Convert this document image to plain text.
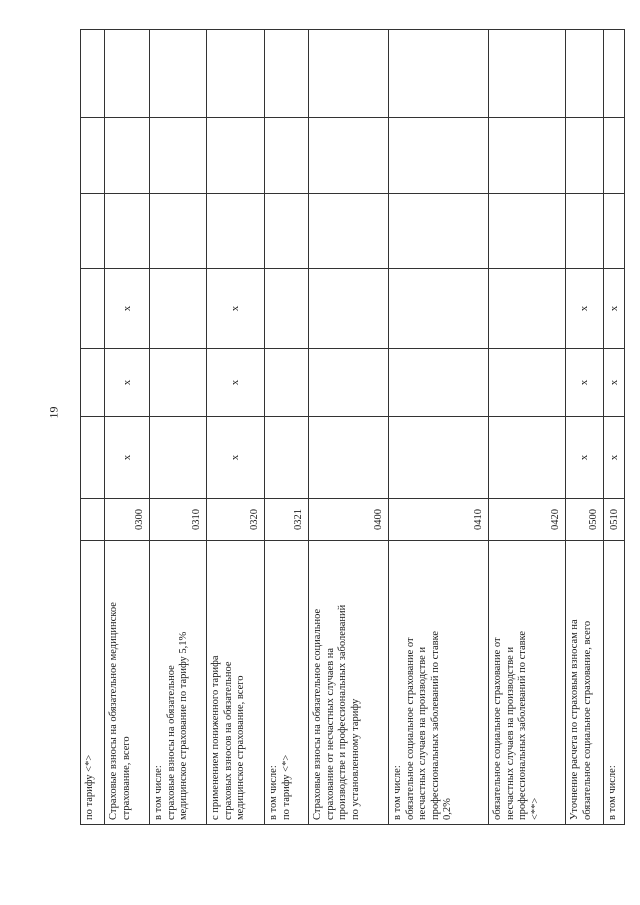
19
по тарифу <*>							

Страховые взносы на обязательное медицинское страхование, всего	0300	x	x	x			

в том числе: страховые взносы на обязательное медицинское страхование по тарифу 5,1%	0310						

с применением пониженного тарифа страховых взносов на обязательное медицинское страхование, всего	0320	x	x	x			

в том числе: по тарифу <*>	0321						

Страховые взносы на обязательное социальное страхование от несчастных случаев на производстве и профессиональных заболеваний по установленному тарифу	0400						

в том числе: обязательное социальное страхование от несчастных случаев на производстве и профессиональных заболеваний по ставке 0,2%	0410						

обязательное социальное страхование от несчастных случаев на производстве и профессиональных заболеваний по ставке <**>	0420						

Уточнение расчета по страховым взносам на обязательное социальное страхование, всего	0500	x	x	x			

в том числе:	0510	x	x	x			
